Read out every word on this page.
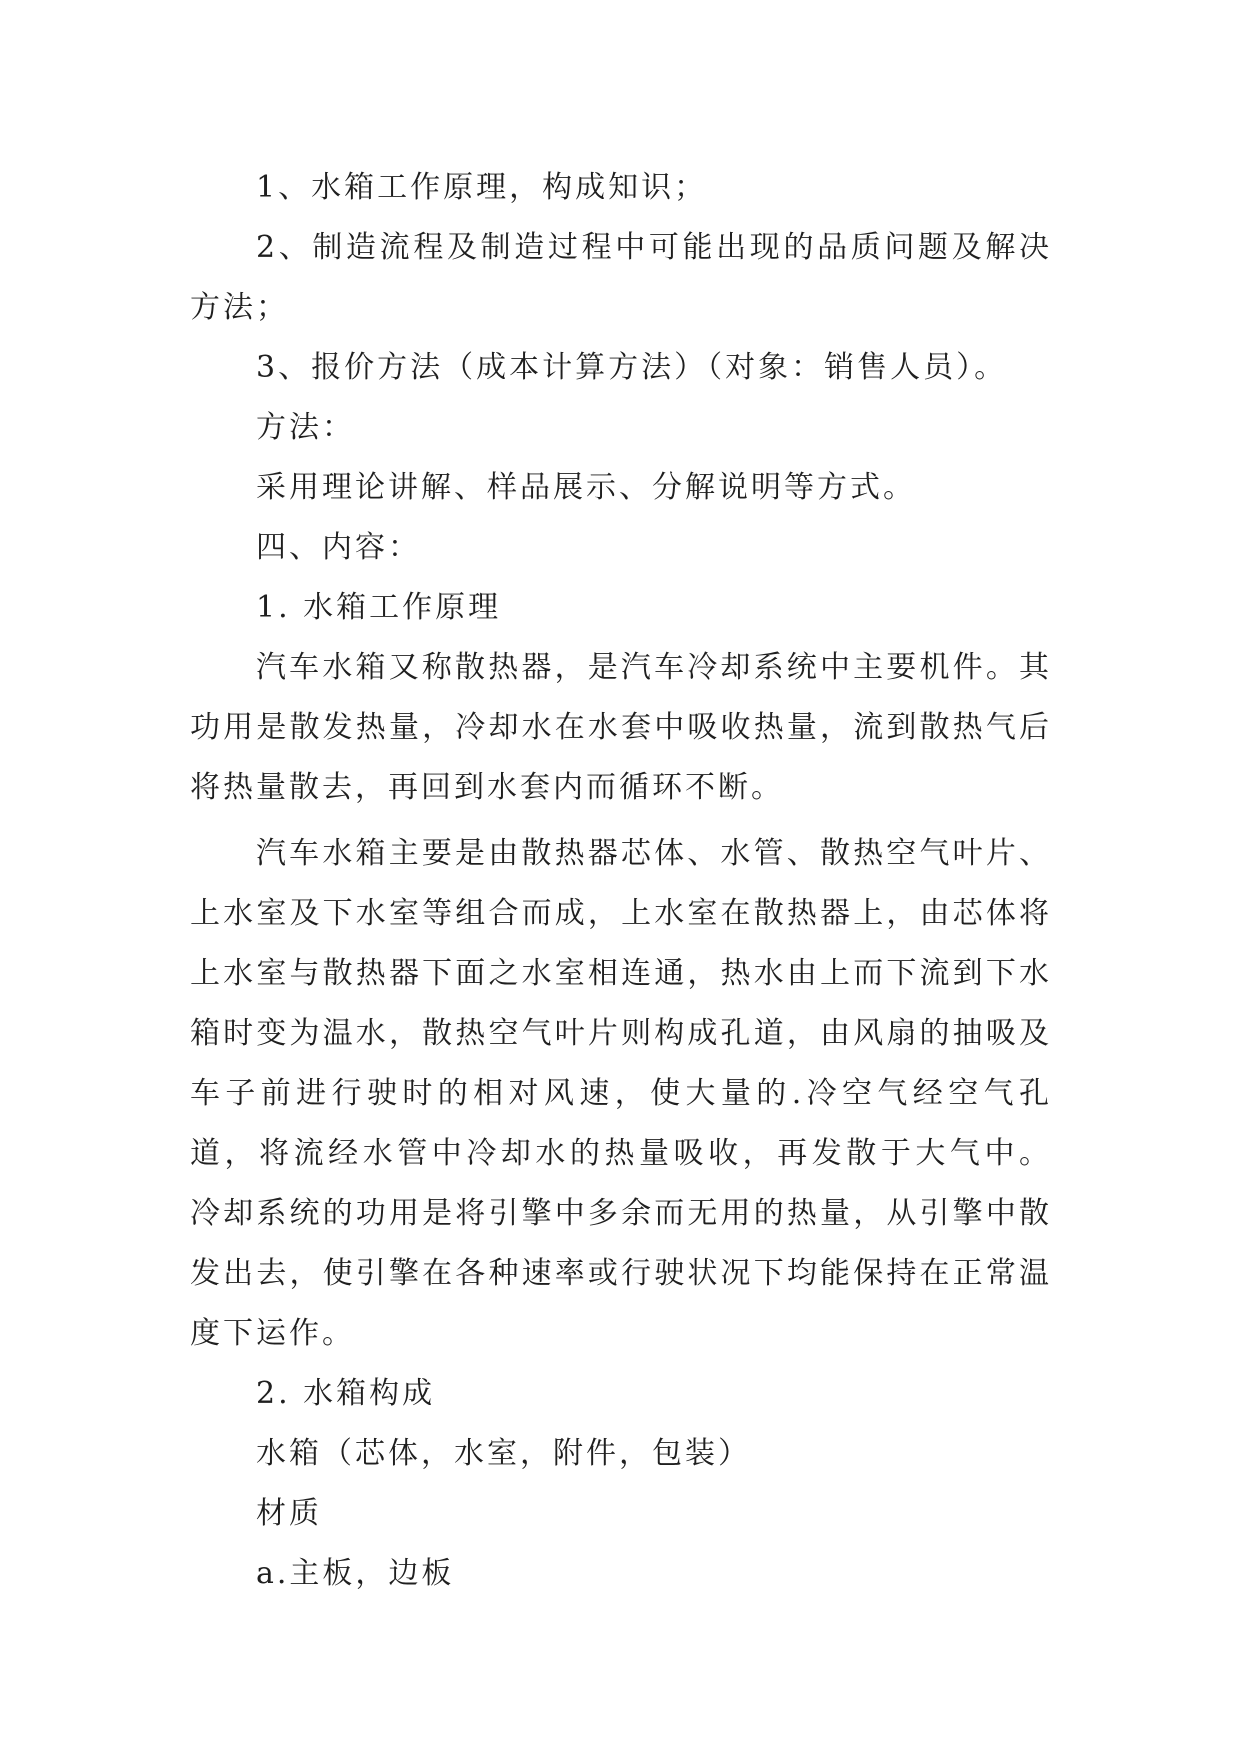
1、水箱工作原理，构成知识；

2、制造流程及制造过程中可能出现的品质问题及解决方法；

3、报价方法（成本计算方法）（对象：销售人员）。

方法：

采用理论讲解、样品展示、分解说明等方式。

四、内容：

1. 水箱工作原理

汽车水箱又称散热器，是汽车冷却系统中主要机件。其功用是散发热量，冷却水在水套中吸收热量，流到散热气后将热量散去，再回到水套内而循环不断。

汽车水箱主要是由散热器芯体、水管、散热空气叶片、上水室及下水室等组合而成，上水室在散热器上，由芯体将上水室与散热器下面之水室相连通，热水由上而下流到下水箱时变为温水，散热空气叶片则构成孔道，由风扇的抽吸及车子前进行驶时的相对风速，使大量的.冷空气经空气孔道，将流经水管中冷却水的热量吸收，再发散于大气中。 冷却系统的功用是将引擎中多余而无用的热量，从引擎中散发出去，使引擎在各种速率或行驶状况下均能保持在正常温度下运作。

2. 水箱构成

水箱（芯体，水室，附件，包装）

材质

a.主板，边板
